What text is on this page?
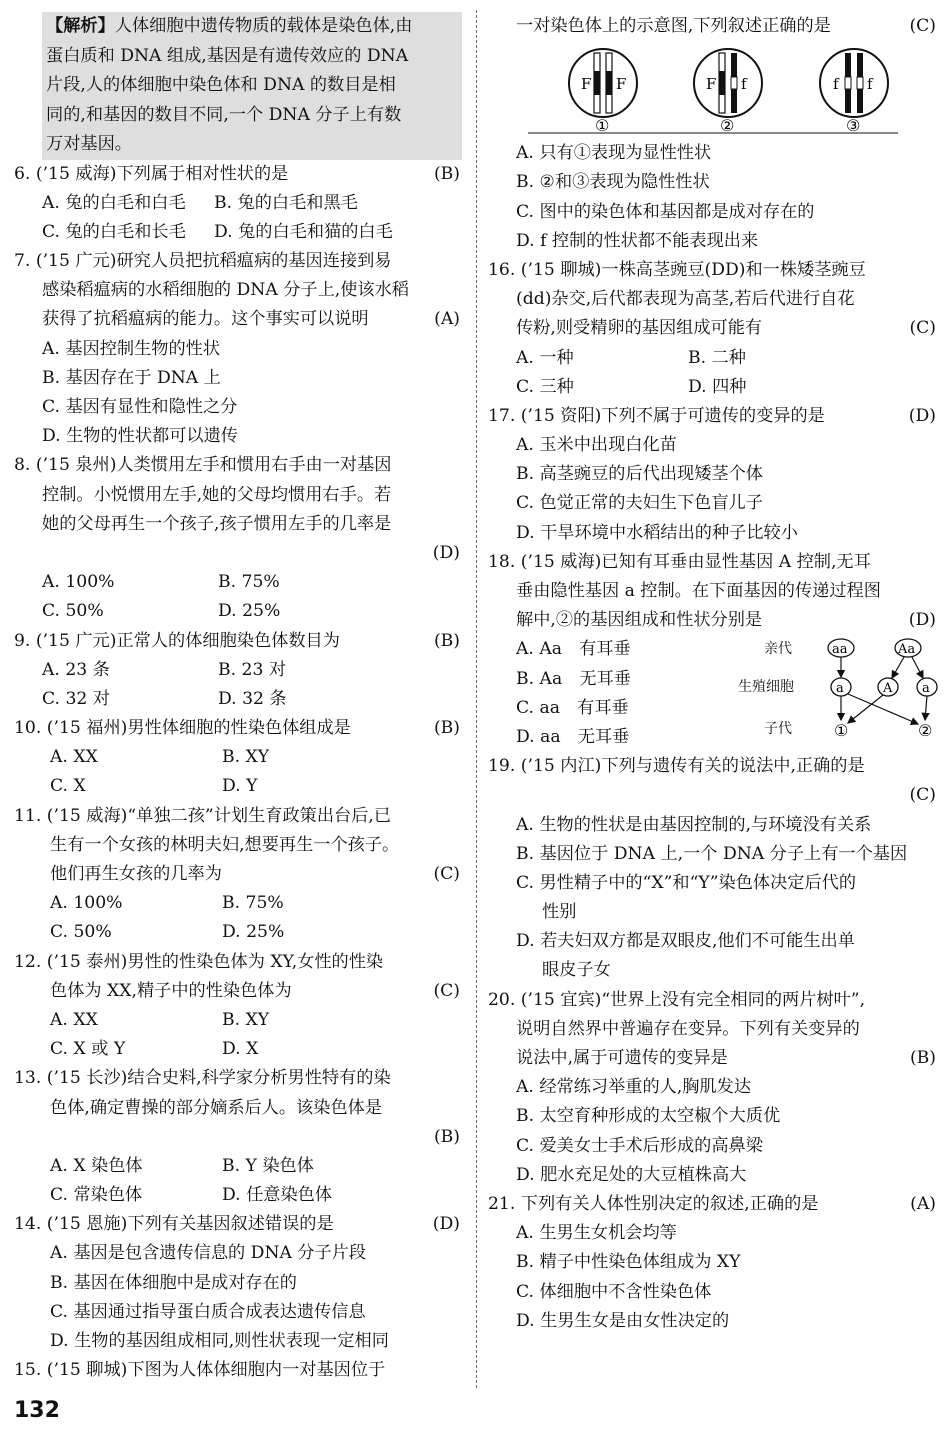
【解析】人体细胞中遗传物质的载体是染色体,由
蛋白质和 DNA 组成,基因是有遗传效应的 DNA
片段,人的体细胞中染色体和 DNA 的数目是相
同的,和基因的数目不同,一个 DNA 分子上有数
万对基因。
6. (’15 威海)下列属于相对性状的是	(B)
A. 兔的白毛和白毛 B. 兔的白毛和黑毛
C. 兔的白毛和长毛 D. 兔的白毛和猫的白毛
7. (’15 广元)研究人员把抗稻瘟病的基因连接到易
感染稻瘟病的水稻细胞的 DNA 分子上,使该水稻
获得了抗稻瘟病的能力。这个事实可以说明	(A)
A. 基因控制生物的性状
B. 基因存在于 DNA 上
C. 基因有显性和隐性之分
D. 生物的性状都可以遗传
8. (’15 泉州)人类惯用左手和惯用右手由一对基因
控制。小悦惯用左手,她的父母均惯用右手。若
她的父母再生一个孩子,孩子惯用左手的几率是
(D)
A. 100%	B. 75%
C. 50%	D. 25%
9. (’15 广元)正常人的体细胞染色体数目为	(B)
A. 23 条	B. 23 对
C. 32 对	D. 32 条
10. (’15 福州)男性体细胞的性染色体组成是	(B)
A. XX	B. XY
C. X	D. Y
11. (’15 威海)“单独二孩”计划生育政策出台后,已
生有一个女孩的林明夫妇,想要再生一个孩子。
他们再生女孩的几率为	(C)
A. 100%	B. 75%
C. 50%	D. 25%
12. (’15 泰州)男性的性染色体为 XY,女性的性染
色体为 XX,精子中的性染色体为	(C)
A. XX	B. XY
C. X 或 Y	D. X
13. (’15 长沙)结合史料,科学家分析男性特有的染
色体,确定曹操的部分嫡系后人。该染色体是
(B)
A. X 染色体	B. Y 染色体
C. 常染色体	D. 任意染色体
14. (’15 恩施)下列有关基因叙述错误的是	(D)
A. 基因是包含遗传信息的 DNA 分子片段
B. 基因在体细胞中是成对存在的
C. 基因通过指导蛋白质合成表达遗传信息
D. 生物的基因组成相同,则性状表现一定相同
15. (’15 聊城)下图为人体体细胞内一对基因位于
一对染色体上的示意图,下列叙述正确的是	(C)
F F	F f	f f
①	②	③
A. 只有①表现为显性性状
B. ②和③表现为隐性性状
C. 图中的染色体和基因都是成对存在的
D. f 控制的性状都不能表现出来
16. (’15 聊城)一株高茎豌豆(DD)和一株矮茎豌豆
(dd)杂交,后代都表现为高茎,若后代进行自花
传粉,则受精卵的基因组成可能有	(C)
A. 一种	B. 二种
C. 三种	D. 四种
17. (’15 资阳)下列不属于可遗传的变异的是	(D)
A. 玉米中出现白化苗
B. 高茎豌豆的后代出现矮茎个体
C. 色觉正常的夫妇生下色盲儿子
D. 干旱环境中水稻结出的种子比较小
18. (’15 威海)已知有耳垂由显性基因 A 控制,无耳
垂由隐性基因 a 控制。在下面基因的传递过程图
解中,②的基因组成和性状分别是	(D)
A. Aa　有耳垂
B. Aa　无耳垂
C. aa　有耳垂
D. aa　无耳垂
亲代
生殖细胞
子代
aa	Aa
a	A a
①	②
19. (’15 内江)下列与遗传有关的说法中,正确的是
(C)
A. 生物的性状是由基因控制的,与环境没有关系
B. 基因位于 DNA 上,一个 DNA 分子上有一个基因
C. 男性精子中的“X”和“Y”染色体决定后代的
性别
D. 若夫妇双方都是双眼皮,他们不可能生出单
眼皮子女
20. (’15 宜宾)“世界上没有完全相同的两片树叶”,
说明自然界中普遍存在变异。下列有关变异的
说法中,属于可遗传的变异是	(B)
A. 经常练习举重的人,胸肌发达
B. 太空育种形成的太空椒个大质优
C. 爱美女士手术后形成的高鼻梁
D. 肥水充足处的大豆植株高大
21. 下列有关人体性别决定的叙述,正确的是	(A)
A. 生男生女机会均等
B. 精子中性染色体组成为 XY
C. 体细胞中不含性染色体
D. 生男生女是由女性决定的
132
